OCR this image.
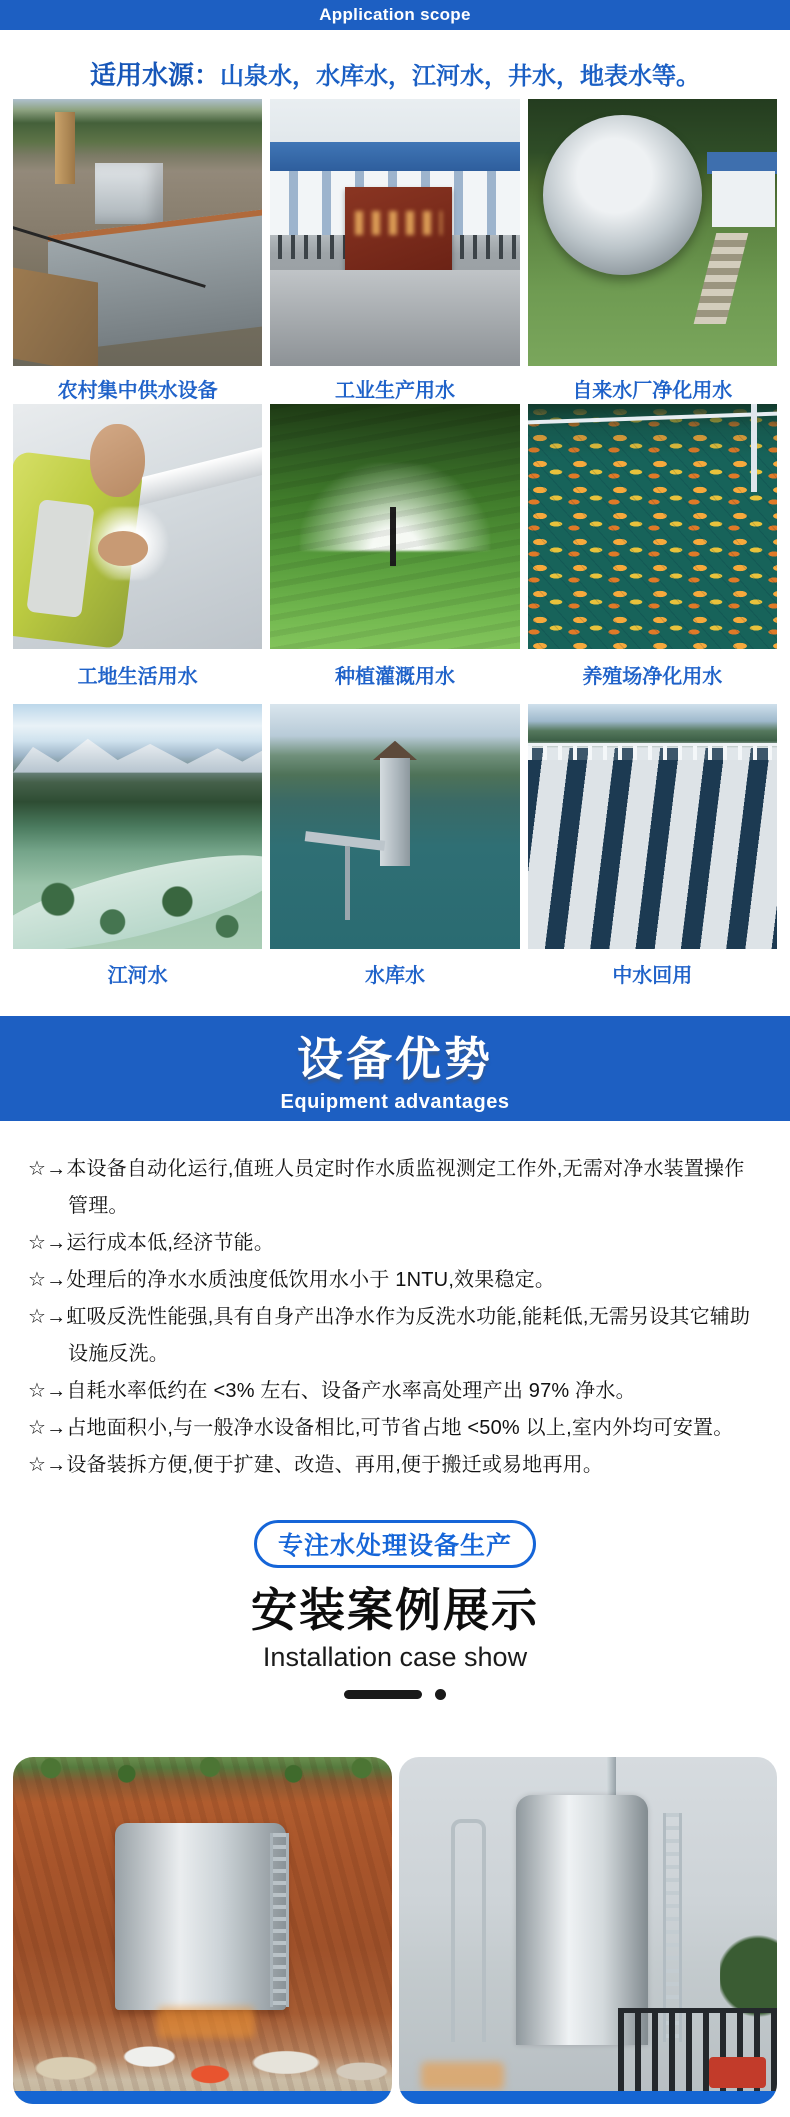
Application scope
适用水源： 山泉水，水库水，江河水，井水，地表水等。
农村集中供水设备	工业生产用水	自来水厂净化用水
工地生活用水	种植灌溉用水	养殖场净化用水
江河水	水库水	中水回用
设备优势
Equipment advantages
☆→本设备自动化运行,值班人员定时作水质监视测定工作外,无需对净水装置操作管理。
☆→运行成本低,经济节能。
☆→处理后的净水水质浊度低饮用水小于 1NTU,效果稳定。
☆→虹吸反洗性能强,具有自身产出净水作为反洗水功能,能耗低,无需另设其它辅助设施反洗。
☆→自耗水率低约在 <3% 左右、设备产水率高处理产出 97% 净水。
☆→占地面积小,与一般净水设备相比,可节省占地 <50% 以上,室内外均可安置。
☆→设备装拆方便,便于扩建、改造、再用,便于搬迁或易地再用。
专注水处理设备生产
安装案例展示
Installation case show
